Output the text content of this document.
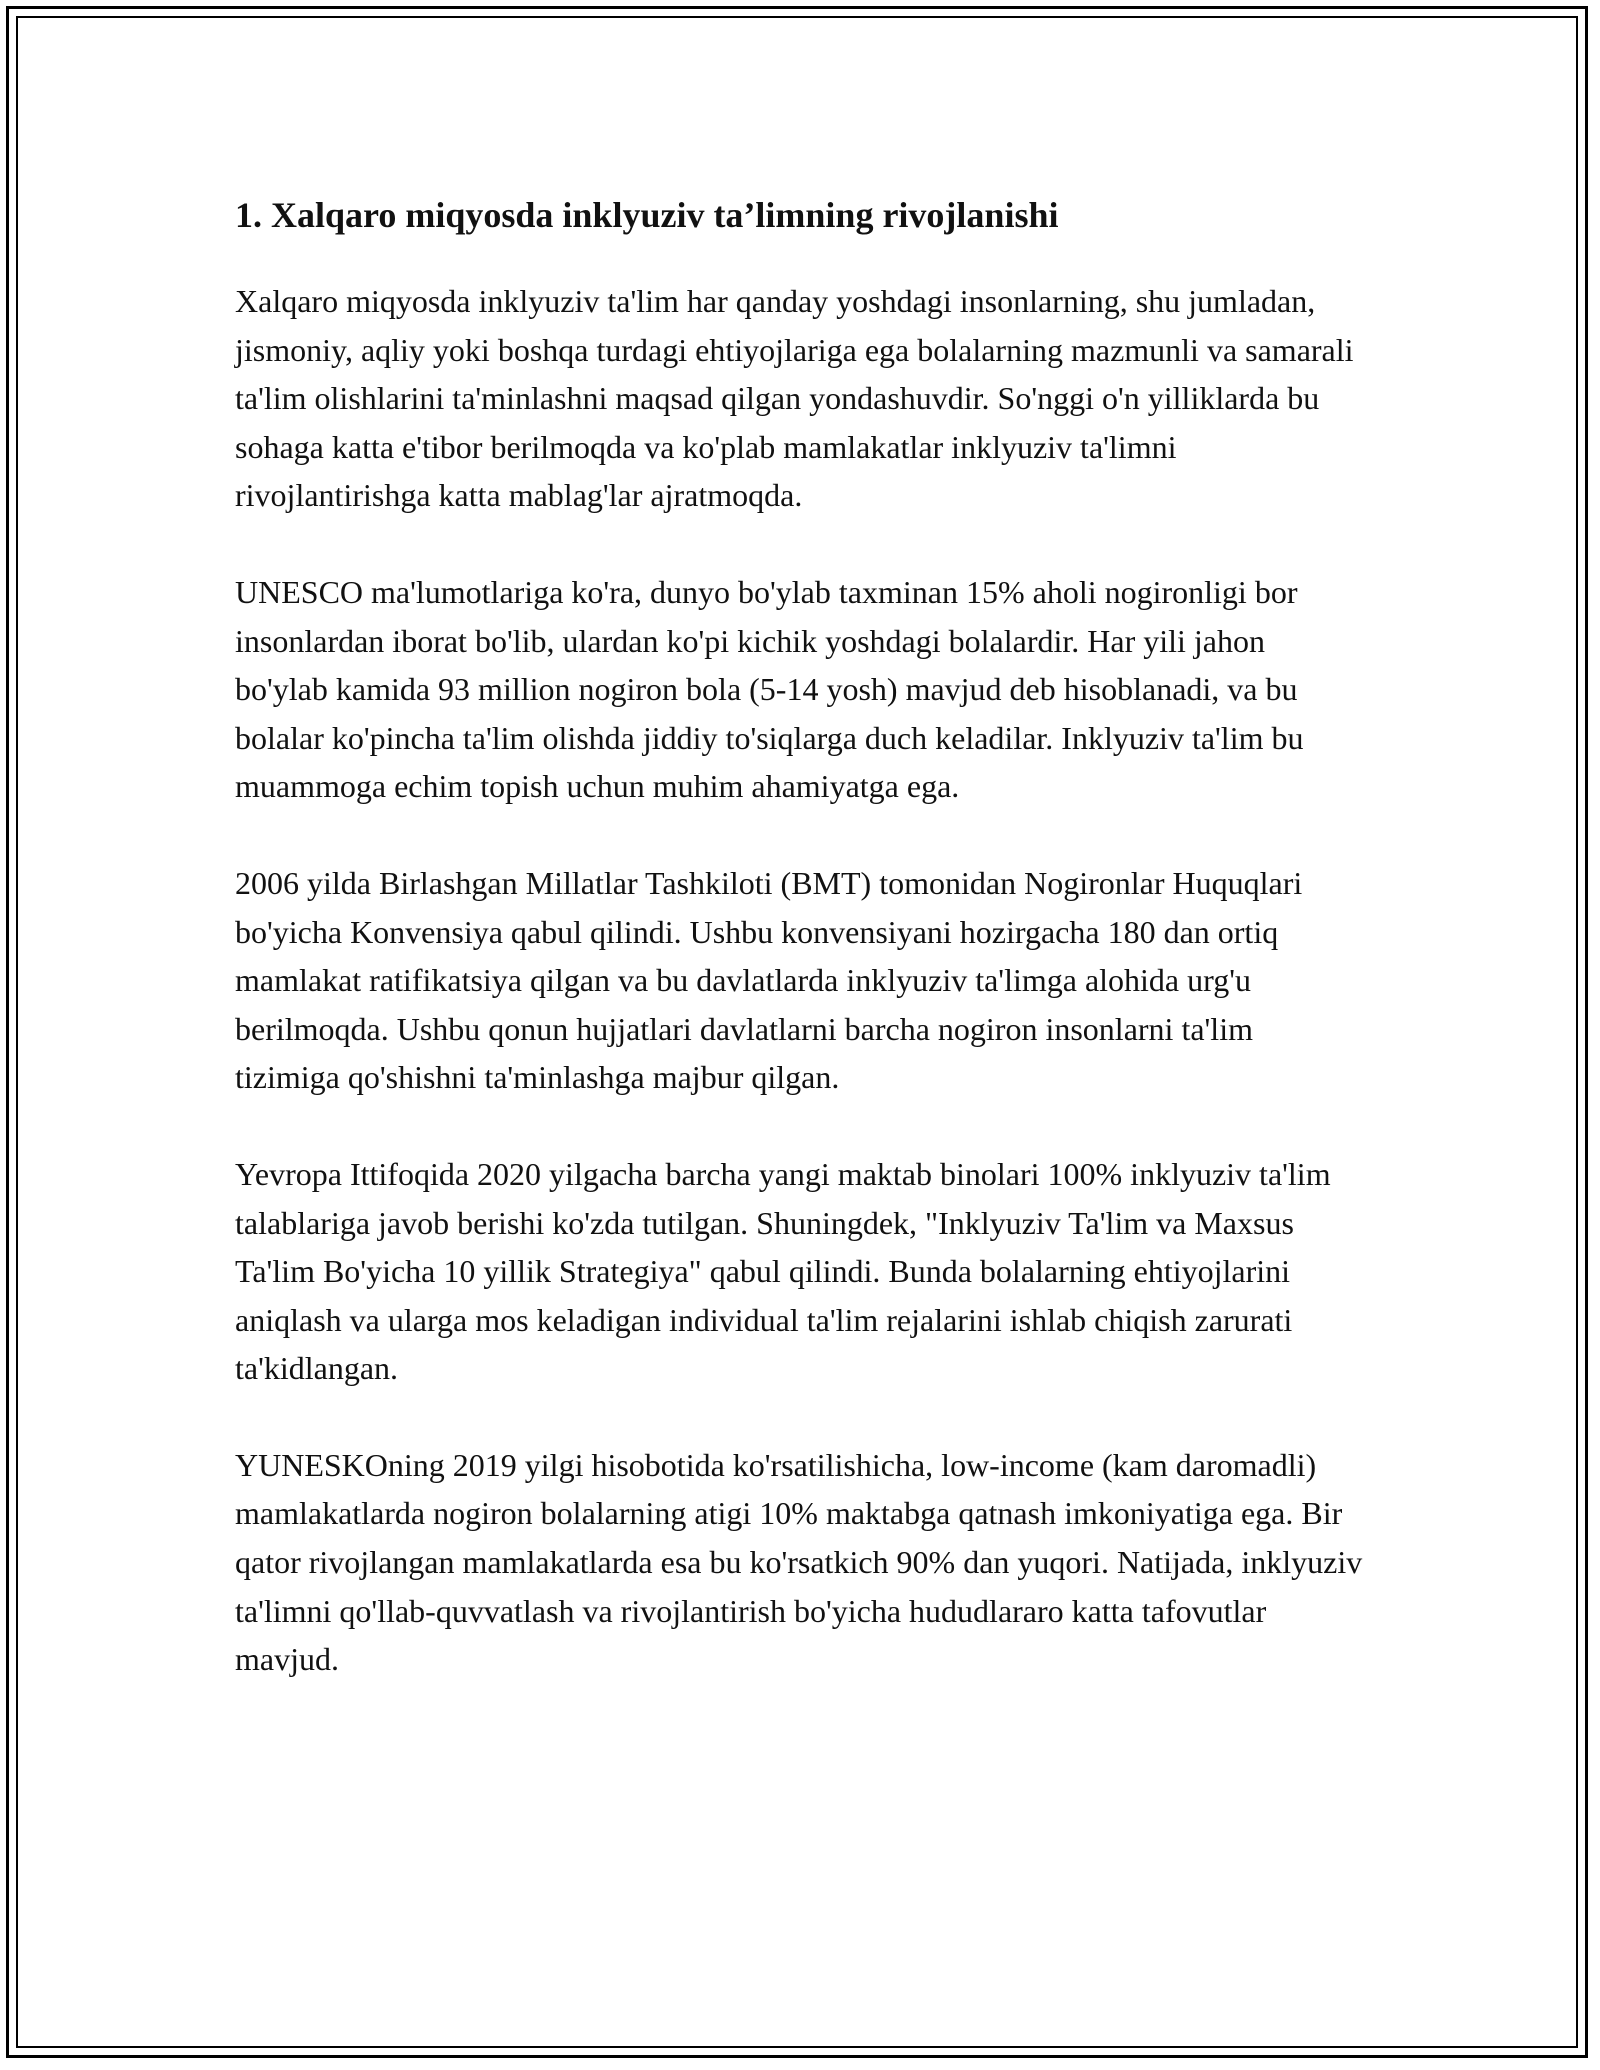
1. Xalqaro miqyosda inklyuziv ta’limning rivojlanishi

Xalqaro miqyosda inklyuziv ta'lim har qanday yoshdagi insonlarning, shu jumladan, jismoniy, aqliy yoki boshqa turdagi ehtiyojlariga ega bolalarning mazmunli va samarali ta'lim olishlarini ta'minlashni maqsad qilgan yondashuvdir. So'nggi o'n yilliklarda bu sohaga katta e'tibor berilmoqda va ko'plab mamlakatlar inklyuziv ta'limni rivojlantirishga katta mablag'lar ajratmoqda.

UNESCO ma'lumotlariga ko'ra, dunyo bo'ylab taxminan 15% aholi nogironligi bor insonlardan iborat bo'lib, ulardan ko'pi kichik yoshdagi bolalardir. Har yili jahon bo'ylab kamida 93 million nogiron bola (5-14 yosh) mavjud deb hisoblanadi, va bu bolalar ko'pincha ta'lim olishda jiddiy to'siqlarga duch keladilar. Inklyuziv ta'lim bu muammoga echim topish uchun muhim ahamiyatga ega.

2006 yilda Birlashgan Millatlar Tashkiloti (BMT) tomonidan Nogironlar Huquqlari bo'yicha Konvensiya qabul qilindi. Ushbu konvensiyani hozirgacha 180 dan ortiq mamlakat ratifikatsiya qilgan va bu davlatlarda inklyuziv ta'limga alohida urg'u berilmoqda. Ushbu qonun hujjatlari davlatlarni barcha nogiron insonlarni ta'lim tizimiga qo'shishni ta'minlashga majbur qilgan.

Yevropa Ittifoqida 2020 yilgacha barcha yangi maktab binolari 100% inklyuziv ta'lim talablariga javob berishi ko'zda tutilgan. Shuningdek, "Inklyuziv Ta'lim va Maxsus Ta'lim Bo'yicha 10 yillik Strategiya" qabul qilindi. Bunda bolalarning ehtiyojlarini aniqlash va ularga mos keladigan individual ta'lim rejalarini ishlab chiqish zarurati ta'kidlangan.

YUNESKOning 2019 yilgi hisobotida ko'rsatilishicha, low-income (kam daromadli) mamlakatlarda nogiron bolalarning atigi 10% maktabga qatnash imkoniyatiga ega. Bir qator rivojlangan mamlakatlarda esa bu ko'rsatkich 90% dan yuqori. Natijada, inklyuziv ta'limni qo'llab-quvvatlash va rivojlantirish bo'yicha hududlararo katta tafovutlar mavjud.
